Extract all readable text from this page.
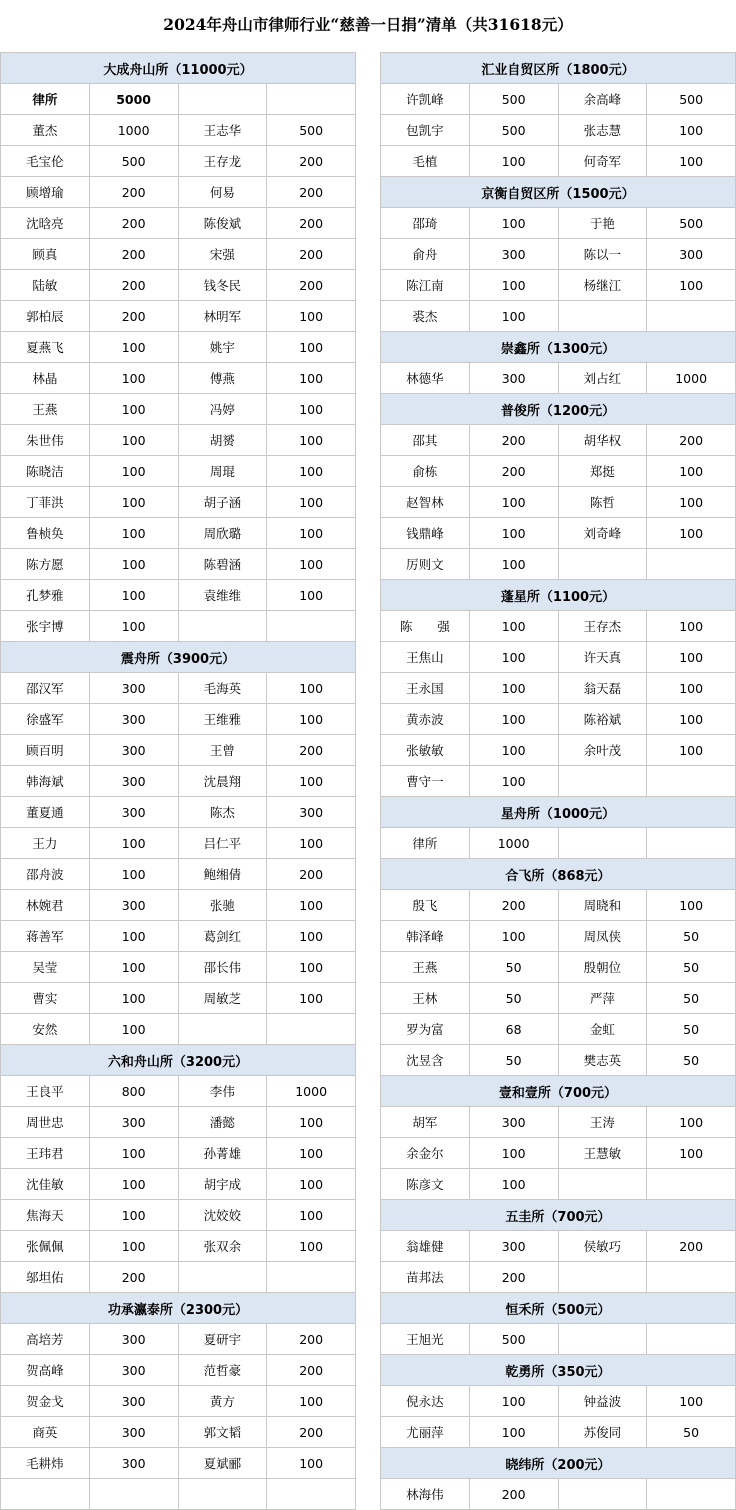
2024年舟山市律师行业“慈善一日捐”清单（共31618元）
大成舟山所（11000元）			
律所	5000		
董杰	1000	王志华	500
毛宝伦	500	王存龙	200
顾增瑜	200	何易	200
沈晗亮	200	陈俊斌	200
顾真	200	宋强	200
陆敏	200	钱冬民	200
郭柏辰	200	林明军	100
夏燕飞	100	姚宇	100
林晶	100	傅燕	100
王燕	100	冯婷	100
朱世伟	100	胡赟	100
陈晓洁	100	周琨	100
丁菲洪	100	胡子涵	100
鲁桢奂	100	周欣璐	100
陈方愿	100	陈碧涵	100
孔梦雅	100	袁维维	100
张宇博	100		
震舟所（3900元）			
邵汉军	300	毛海英	100
徐盛军	300	王维雅	100
顾百明	300	王曾	200
韩海斌	300	沈晨翔	100
董夏通	300	陈杰	300
王力	100	吕仁平	100
邵舟波	100	鲍缃倩	200
林婉君	300	张驰	100
蒋善军	100	葛剑红	100
吴莹	100	邵长伟	100
曹实	100	周敏芝	100
安然	100		
六和舟山所（3200元）			
王良平	800	李伟	1000
周世忠	300	潘懿	100
王玮君	100	孙菁雄	100
沈佳敏	100	胡宇成	100
焦海天	100	沈姣姣	100
张佩佩	100	张双余	100
邬坦佑	200		
功承瀛泰所（2300元）			
高培芳	300	夏研宇	200
贺高峰	300	范哲豪	200
贺金戈	300	黄方	100
商英	300	郭文韬	200
毛耕炜	300	夏斌郦	100

汇业自贸区所（1800元）			
许凯峰	500	余高峰	500
包凯宇	500	张志慧	100
毛植	100	何奇军	100
京衡自贸区所（1500元）			
邵琦	100	于艳	500
俞舟	300	陈以一	300
陈江南	100	杨继江	100
裘杰	100		
崇鑫所（1300元）			
林德华	300	刘占红	1000
普俊所（1200元）			
邵其	200	胡华权	200
俞栋	200	郑挺	100
赵智林	100	陈哲	100
钱鼎峰	100	刘奇峰	100
厉则文	100		
蓬星所（1100元）			
陈　　强	100	王存杰	100
王焦山	100	许天真	100
王永国	100	翁天磊	100
黄赤波	100	陈裕斌	100
张敏敏	100	余叶茂	100
曹守一	100		
星舟所（1000元）			
律所	1000		
合飞所（868元）			
殷飞	200	周晓和	100
韩泽峰	100	周凤侠	50
王燕	50	殷朝位	50
王林	50	严萍	50
罗为富	68	金虹	50
沈昱含	50	樊志英	50
壹和壹所（700元）			
胡军	300	王涛	100
余金尔	100	王慧敏	100
陈彦文	100		
五圭所（700元）			
翁雄健	300	侯敏巧	200
苗邦法	200		
恒禾所（500元）			
王旭光	500		
乾勇所（350元）			
倪永达	100	钟益波	100
尤丽萍	100	苏俊同	50
晓纬所（200元）			
林海伟	200		
